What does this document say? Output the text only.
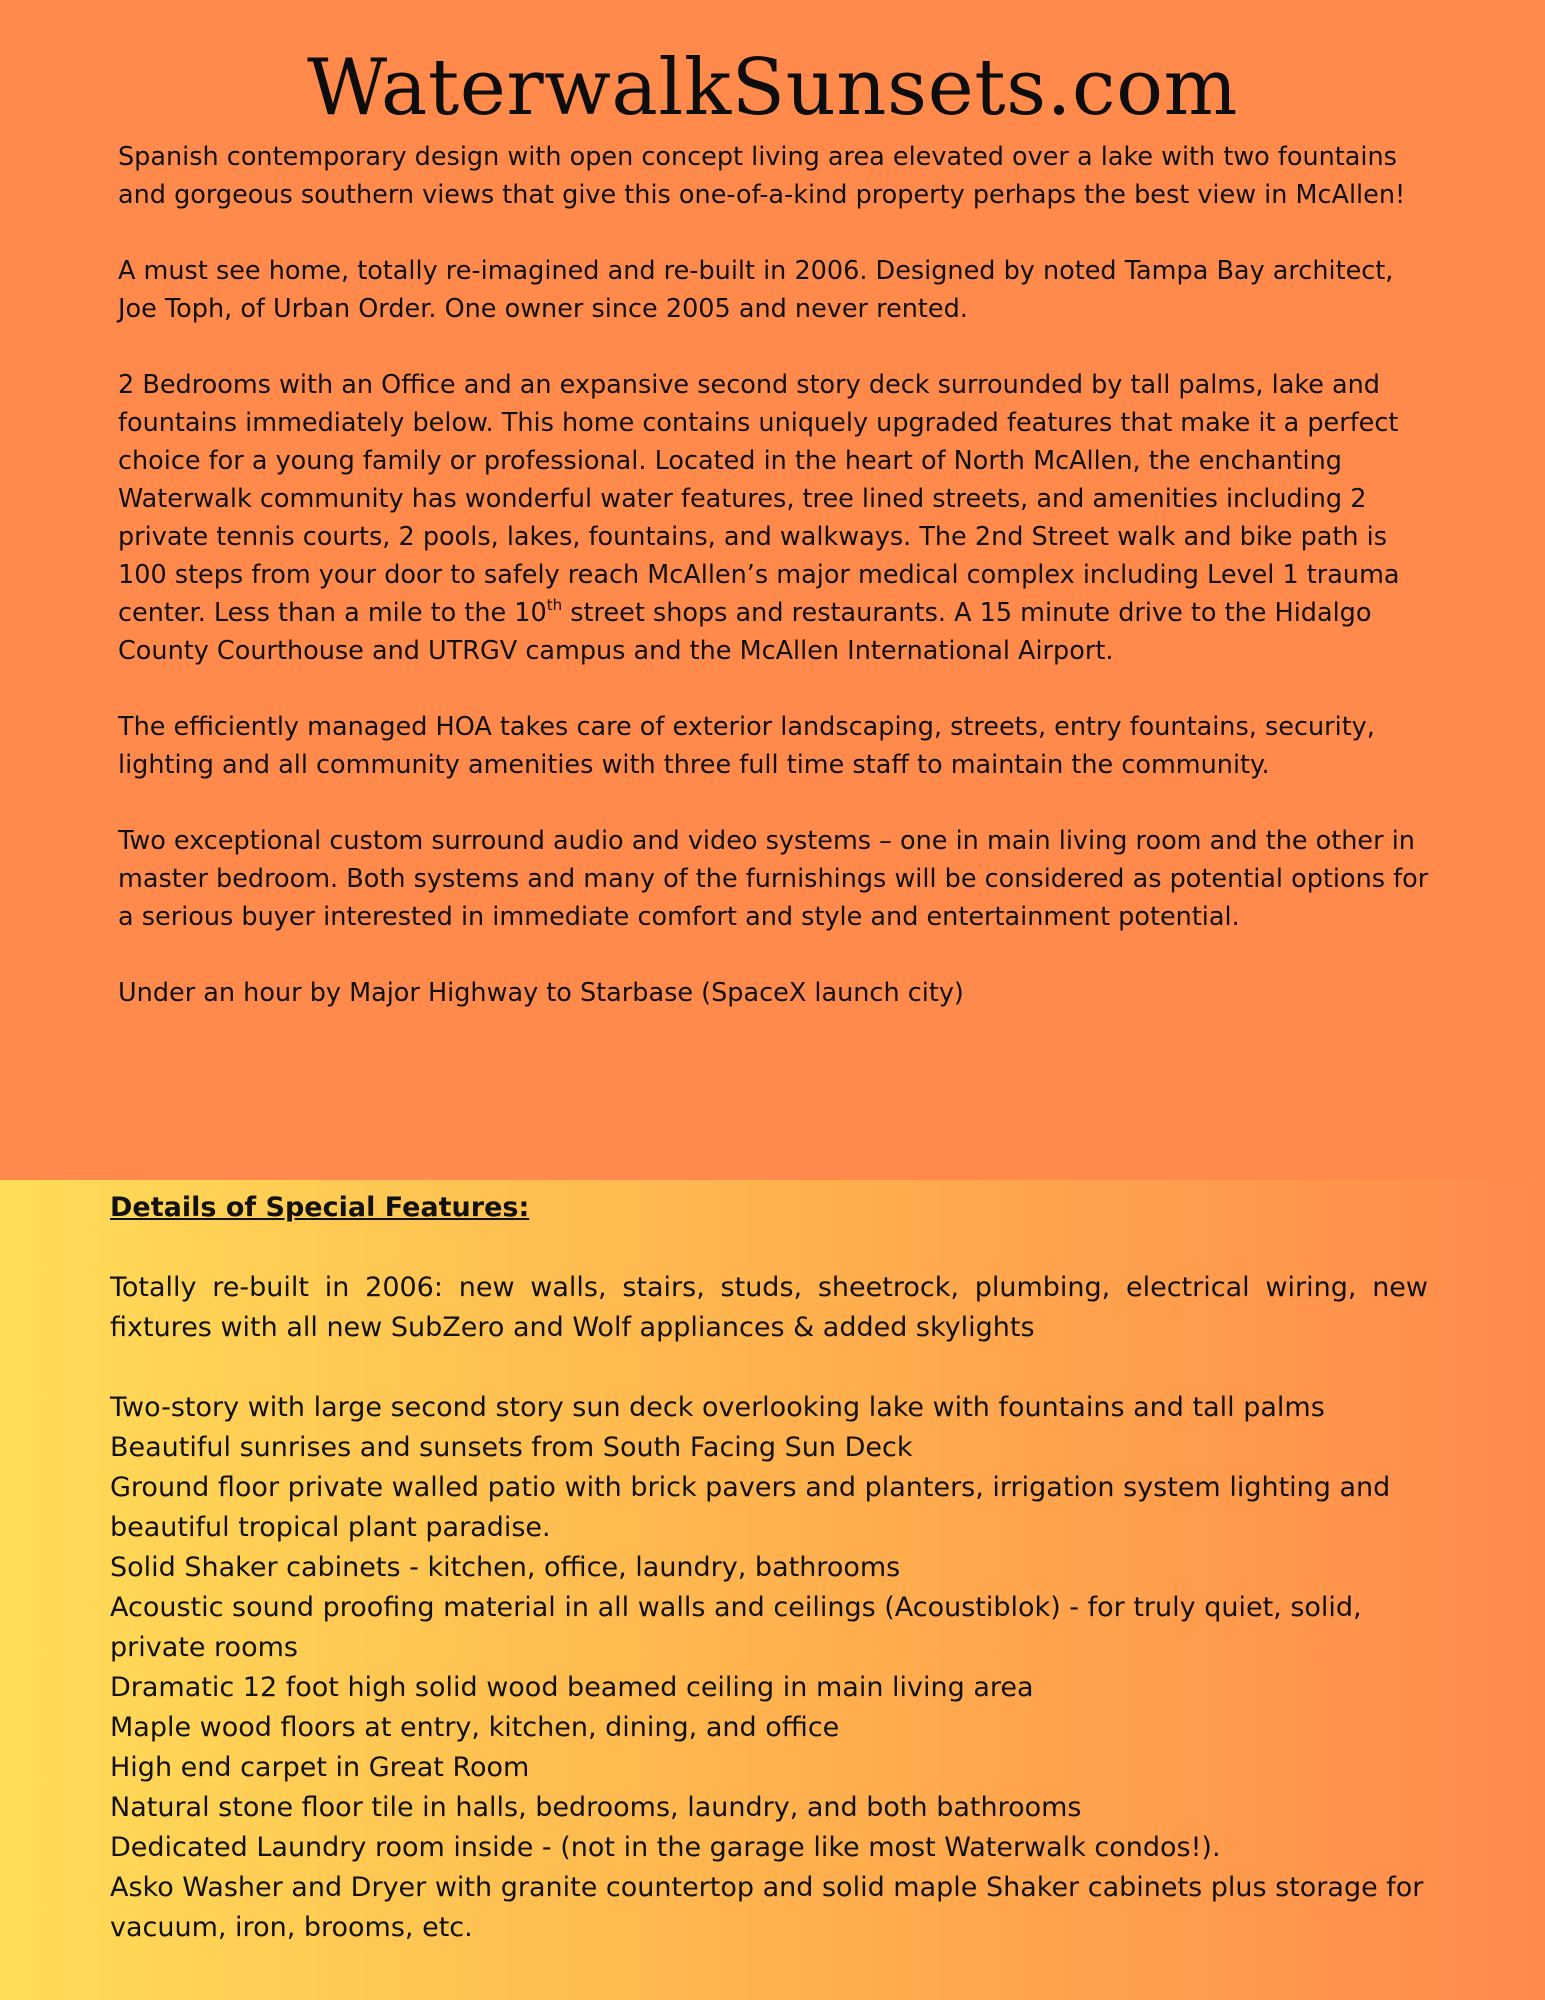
WaterwalkSunsets.com

Spanish contemporary design with open concept living area elevated over a lake with two fountains and gorgeous southern views that give this one-of-a-kind property perhaps the best view in McAllen!

A must see home, totally re-imagined and re-built in 2006. Designed by noted Tampa Bay architect, Joe Toph, of Urban Order. One owner since 2005 and never rented.

2 Bedrooms with an Office and an expansive second story deck surrounded by tall palms, lake and fountains immediately below. This home contains uniquely upgraded features that make it a perfect choice for a young family or professional. Located in the heart of North McAllen, the enchanting Waterwalk community has wonderful water features, tree lined streets, and amenities including 2 private tennis courts, 2 pools, lakes, fountains, and walkways. The 2nd Street walk and bike path is 100 steps from your door to safely reach McAllen’s major medical complex including Level 1 trauma center. Less than a mile to the 10th street shops and restaurants. A 15 minute drive to the Hidalgo County Courthouse and UTRGV campus and the McAllen International Airport.

The efficiently managed HOA takes care of exterior landscaping, streets, entry fountains, security, lighting and all community amenities with three full time staff to maintain the community.

Two exceptional custom surround audio and video systems – one in main living room and the other in master bedroom. Both systems and many of the furnishings will be considered as potential options for a serious buyer interested in immediate comfort and style and entertainment potential.

Under an hour by Major Highway to Starbase (SpaceX launch city)

Details of Special Features:
Totally re-built in 2006: new walls, stairs, studs, sheetrock, plumbing, electrical wiring, new fixtures with all new SubZero and Wolf appliances & added skylights
Two-story with large second story sun deck overlooking lake with fountains and tall palms
Beautiful sunrises and sunsets from South Facing Sun Deck
Ground floor private walled patio with brick pavers and planters, irrigation system lighting and beautiful tropical plant paradise.
Solid Shaker cabinets - kitchen, office, laundry, bathrooms
Acoustic sound proofing material in all walls and ceilings (Acoustiblok) - for truly quiet, solid, private rooms
Dramatic 12 foot high solid wood beamed ceiling in main living area
Maple wood floors at entry, kitchen, dining, and office
High end carpet in Great Room
Natural stone floor tile in halls, bedrooms, laundry, and both bathrooms
Dedicated Laundry room inside - (not in the garage like most Waterwalk condos!).
Asko Washer and Dryer with granite countertop and solid maple Shaker cabinets plus storage for vacuum, iron, brooms, etc.
